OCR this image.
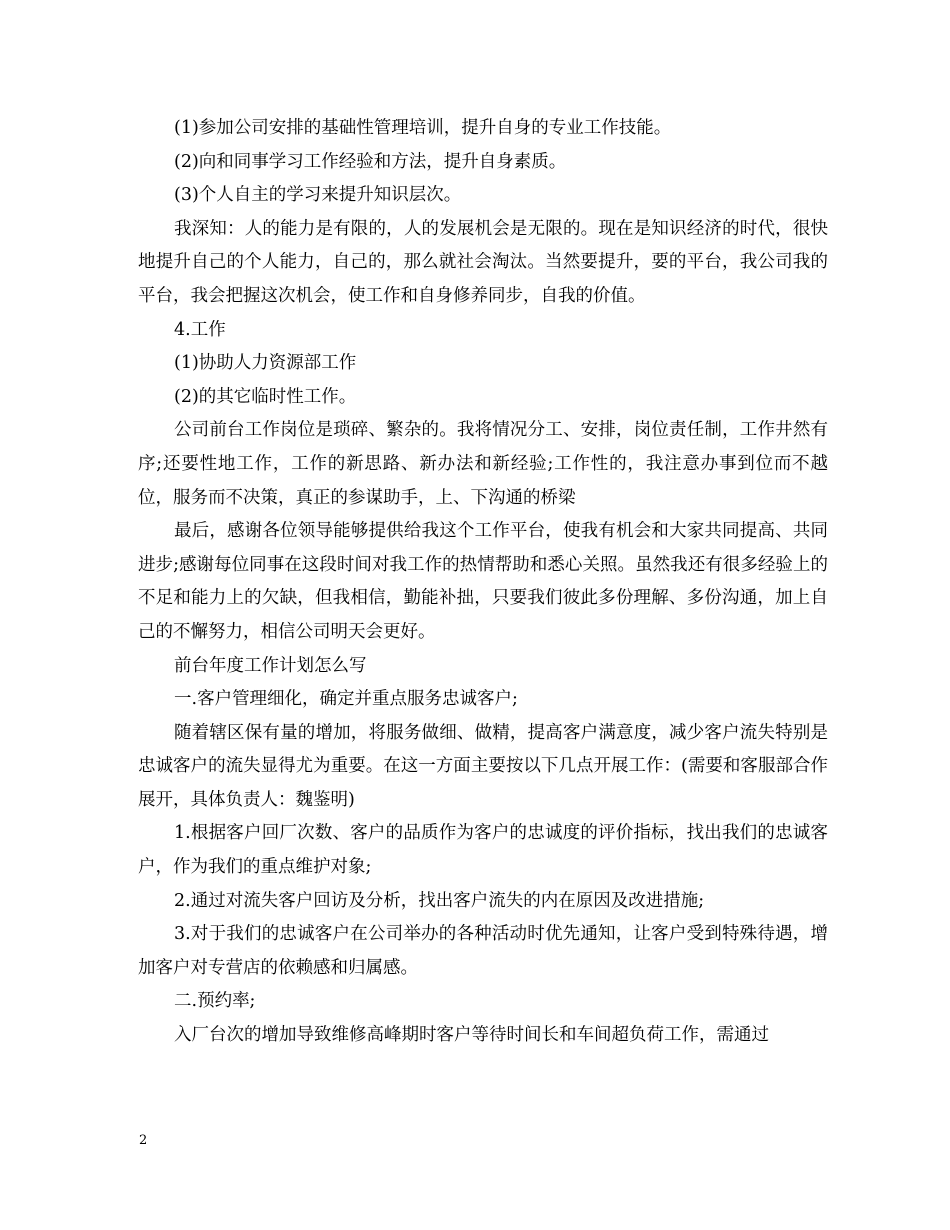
(1)参加公司安排的基础性管理培训，提升自身的专业工作技能。

(2)向和同事学习工作经验和方法，提升自身素质。

(3)个人自主的学习来提升知识层次。

我深知：人的能力是有限的，人的发展机会是无限的。现在是知识经济的时代，很快地提升自己的个人能力，自己的，那么就社会淘汰。当然要提升，要的平台，我公司我的平台，我会把握这次机会，使工作和自身修养同步，自我的价值。

4.工作

(1)协助人力资源部工作

(2)的其它临时性工作。

公司前台工作岗位是琐碎、繁杂的。我将情况分工、安排，岗位责任制，工作井然有序;还要性地工作，工作的新思路、新办法和新经验;工作性的，我注意办事到位而不越位，服务而不决策，真正的参谋助手，上、下沟通的桥梁

最后，感谢各位领导能够提供给我这个工作平台，使我有机会和大家共同提高、共同进步;感谢每位同事在这段时间对我工作的热情帮助和悉心关照。虽然我还有很多经验上的不足和能力上的欠缺，但我相信，勤能补拙，只要我们彼此多份理解、多份沟通，加上自己的不懈努力，相信公司明天会更好。

前台年度工作计划怎么写

一.客户管理细化，确定并重点服务忠诚客户;

随着辖区保有量的增加，将服务做细、做精，提高客户满意度，减少客户流失特别是忠诚客户的流失显得尤为重要。在这一方面主要按以下几点开展工作：(需要和客服部合作展开，具体负责人：魏鉴明)

1.根据客户回厂次数、客户的品质作为客户的忠诚度的评价指标，找出我们的忠诚客户，作为我们的重点维护对象;

2.通过对流失客户回访及分析，找出客户流失的内在原因及改进措施;

3.对于我们的忠诚客户在公司举办的各种活动时优先通知，让客户受到特殊待遇，增加客户对专营店的依赖感和归属感。

二.预约率;

入厂台次的增加导致维修高峰期时客户等待时间长和车间超负荷工作，需通过

2
